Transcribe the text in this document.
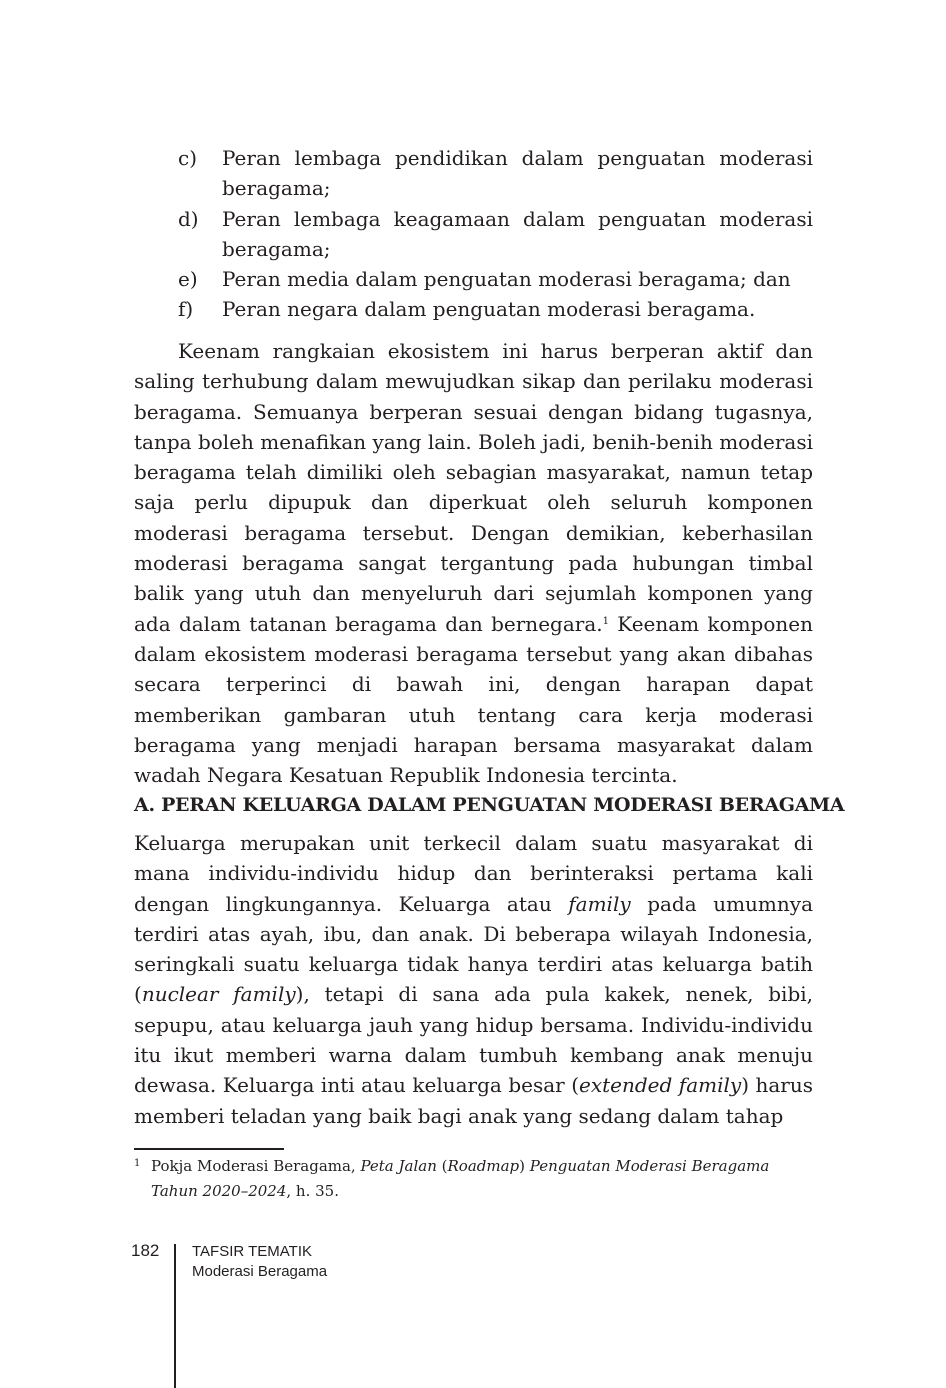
c) Peran lembaga pendidikan dalam penguatan moderasi
beragama;
d) Peran lembaga keagamaan dalam penguatan moderasi
beragama;
e) Peran media dalam penguatan moderasi beragama; dan
f) Peran negara dalam penguatan moderasi beragama.

Keenam rangkaian ekosistem ini harus berperan aktif dan saling terhubung dalam mewujudkan sikap dan perilaku moderasi beragama. Semuanya berperan sesuai dengan bidang tugasnya, tanpa boleh menafikan yang lain. Boleh jadi, benih-benih moderasi beragama telah dimiliki oleh sebagian masyarakat, namun tetap saja perlu dipupuk dan diperkuat oleh seluruh komponen moderasi beragama tersebut. Dengan demikian, keberhasilan moderasi beragama sangat tergantung pada hubungan timbal balik yang utuh dan menyeluruh dari sejumlah komponen yang ada dalam tatanan beragama dan bernegara.$^1$ Keenam komponen dalam ekosistem moderasi beragama tersebut yang akan dibahas secara terperinci di bawah ini, dengan harapan dapat memberikan gambaran utuh tentang cara kerja moderasi beragama yang menjadi harapan bersama masyarakat dalam wadah Negara Kesatuan Republik Indonesia tercinta.

A. PERAN KELUARGA DALAM PENGUATAN MODERASI BERAGAMA

Keluarga merupakan unit terkecil dalam suatu masyarakat di mana individu-individu hidup dan berinteraksi pertama kali dengan lingkungannya. Keluarga atau family pada umumnya terdiri atas ayah, ibu, dan anak. Di beberapa wilayah Indonesia, seringkali suatu keluarga tidak hanya terdiri atas keluarga batih (nuclear family), tetapi di sana ada pula kakek, nenek, bibi, sepupu, atau keluarga jauh yang hidup bersama. Individu-individu itu ikut memberi warna dalam tumbuh kembang anak menuju dewasa. Keluarga inti atau keluarga besar (extended family) harus memberi teladan yang baik bagi anak yang sedang dalam tahap

1 Pokja Moderasi Beragama, Peta Jalan (Roadmap) Penguatan Moderasi Beragama Tahun 2020–2024, h. 35.
182 TAFSIR TEMATIK
Moderasi Beragama
